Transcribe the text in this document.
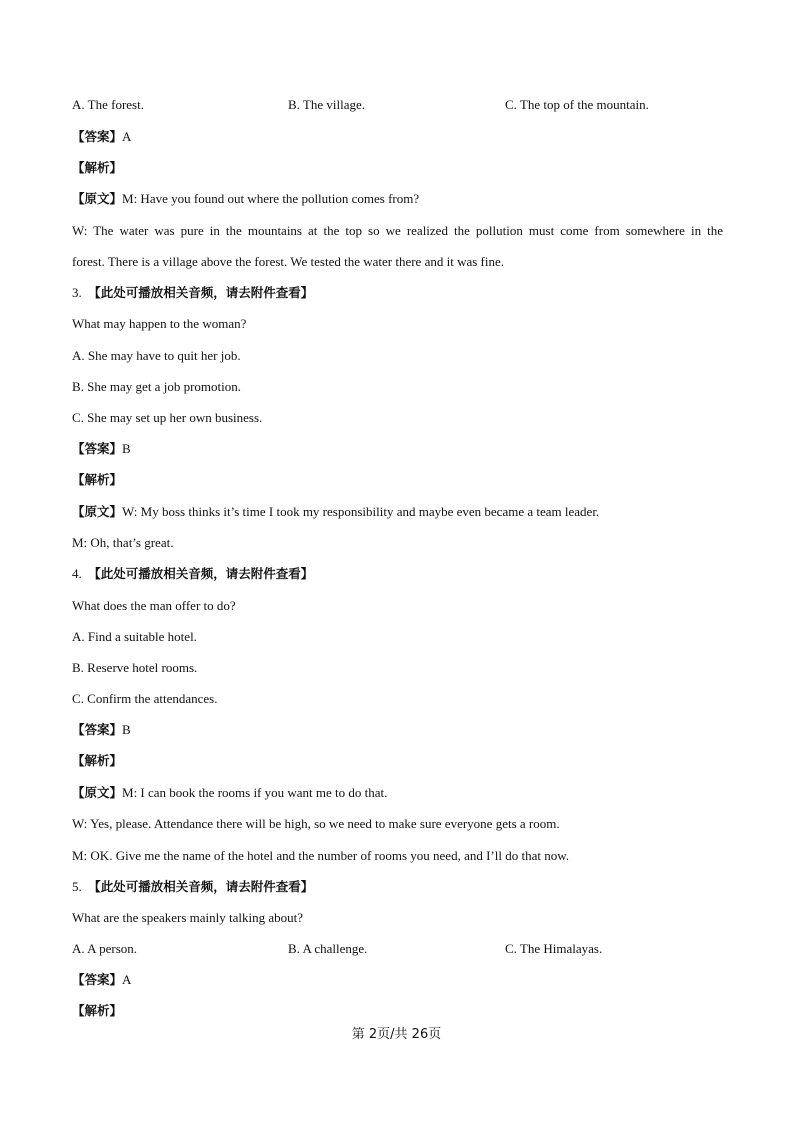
A. The forest.	B. The village.	C. The top of the mountain.
【答案】A
【解析】
【原文】M: Have you found out where the pollution comes from?
W: The water was pure in the mountains at the top so we realized the pollution must come from somewhere in the
forest. There is a village above the forest. We tested the water there and it was fine.
3. 【此处可播放相关音频，请去附件查看】
What may happen to the woman?
A. She may have to quit her job.
B. She may get a job promotion.
C. She may set up her own business.
【答案】B
【解析】
【原文】W: My boss thinks it’s time I took my responsibility and maybe even became a team leader.
M: Oh, that’s great.
4. 【此处可播放相关音频，请去附件查看】
What does the man offer to do?
A. Find a suitable hotel.
B. Reserve hotel rooms.
C. Confirm the attendances.
【答案】B
【解析】
【原文】M: I can book the rooms if you want me to do that.
W: Yes, please. Attendance there will be high, so we need to make sure everyone gets a room.
M: OK. Give me the name of the hotel and the number of rooms you need, and I’ll do that now.
5. 【此处可播放相关音频，请去附件查看】
What are the speakers mainly talking about?
A. A person.	B. A challenge.	C. The Himalayas.
【答案】A
【解析】
第 2页/共 26页
